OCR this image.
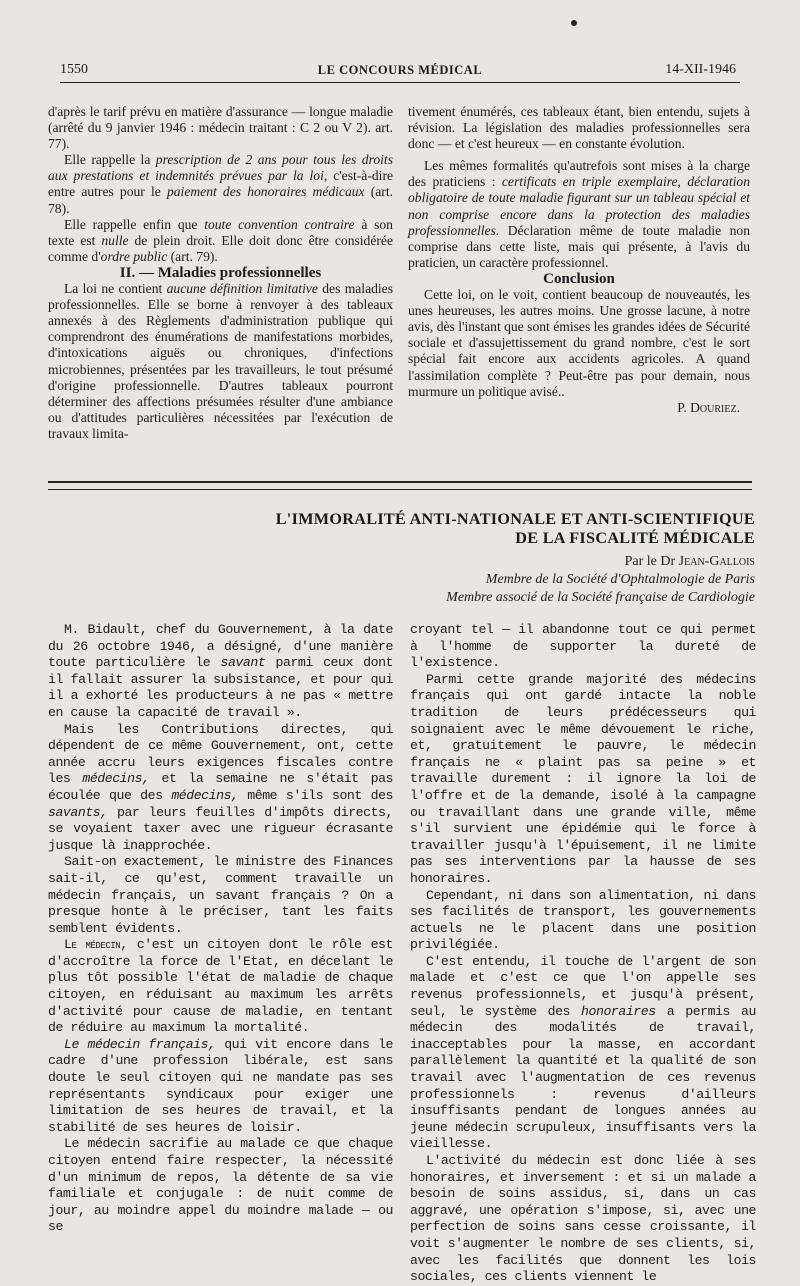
1550	LE CONCOURS MÉDICAL	14-XII-1946

d'après le tarif prévu en matière d'assurance — longue maladie (arrêté du 9 janvier 1946 : médecin traitant : C 2 ou V 2). art. 77).

Elle rappelle la prescription de 2 ans pour tous les droits aux prestations et indemnités prévues par la loi, c'est-à-dire entre autres pour le paiement des honoraires médicaux (art. 78).

Elle rappelle enfin que toute convention contraire à son texte est nulle de plein droit. Elle doit donc être considérée comme d'ordre public (art. 79).

II. — Maladies professionnelles

La loi ne contient aucune définition limitative des maladies professionnelles. Elle se borne à renvoyer à des tableaux annexés à des Règlements d'administration publique qui comprendront des énumérations de manifestations morbides, d'intoxications aiguës ou chroniques, d'infections microbiennes, présentées par les travailleurs, le tout présumé d'origine professionnelle. D'autres tableaux pourront déterminer des affections présumées résulter d'une ambiance ou d'attitudes particulières nécessitées par l'exécution de travaux limita-

tivement énumérés, ces tableaux étant, bien entendu, sujets à révision. La législation des maladies professionnelles sera donc — et c'est heureux — en constante évolution.

Les mêmes formalités qu'autrefois sont mises à la charge des praticiens : certificats en triple exemplaire, déclaration obligatoire de toute maladie figurant sur un tableau spécial et non comprise encore dans la protection des maladies professionnelles. Déclaration même de toute maladie non comprise dans cette liste, mais qui présente, à l'avis du praticien, un caractère professionnel.

Conclusion

Cette loi, on le voit, contient beaucoup de nouveautés, les unes heureuses, les autres moins. Une grosse lacune, à notre avis, dès l'instant que sont émises les grandes idées de Sécurité sociale et d'assujettissement du grand nombre, c'est le sort spécial fait encore aux accidents agricoles. A quand l'assimilation complète ? Peut-être pas pour demain, nous murmure un politique avisé..

P. Douriez.

L'IMMORALITÉ ANTI-NATIONALE ET ANTI-SCIENTIFIQUE
DE LA FISCALITÉ MÉDICALE
Par le Dr Jean-Gallois
Membre de la Société d'Ophtalmologie de Paris
Membre associé de la Société française de Cardiologie

M. Bidault, chef du Gouvernement, à la date du 26 octobre 1946, a désigné, d'une manière toute particulière le savant parmi ceux dont il fallait assurer la subsistance, et pour qui il a exhorté les producteurs à ne pas « mettre en cause la capacité de travail ».

Mais les Contributions directes, qui dépendent de ce même Gouvernement, ont, cette année accru leurs exigences fiscales contre les médecins, et la semaine ne s'était pas écoulée que des médecins, même s'ils sont des savants, par leurs feuilles d'impôts directs, se voyaient taxer avec une rigueur écrasante jusque là inapprochée.

Sait-on exactement, le ministre des Finances sait-il, ce qu'est, comment travaille un médecin français, un savant français ? On a presque honte à le préciser, tant les faits semblent évidents.

Le médecin, c'est un citoyen dont le rôle est d'accroître la force de l'Etat, en décelant le plus tôt possible l'état de maladie de chaque citoyen, en réduisant au maximum les arrêts d'activité pour cause de maladie, en tentant de réduire au maximum la mortalité.

Le médecin français, qui vit encore dans le cadre d'une profession libérale, est sans doute le seul citoyen qui ne mandate pas ses représentants syndicaux pour exiger une limitation de ses heures de travail, et la stabilité de ses heures de loisir.

Le médecin sacrifie au malade ce que chaque citoyen entend faire respecter, la nécessité d'un minimum de repos, la détente de sa vie familiale et conjugale : de nuit comme de jour, au moindre appel du moindre malade — ou se

croyant tel — il abandonne tout ce qui permet à l'homme de supporter la dureté de l'existence.

Parmi cette grande majorité des médecins français qui ont gardé intacte la noble tradition de leurs prédécesseurs qui soignaient avec le même dévouement le riche, et, gratuitement le pauvre, le médecin français ne « plaint pas sa peine » et travaille durement : il ignore la loi de l'offre et de la demande, isolé à la campagne ou travaillant dans une grande ville, même s'il survient une épidémie qui le force à travailler jusqu'à l'épuisement, il ne limite pas ses interventions par la hausse de ses honoraires.

Cependant, ni dans son alimentation, ni dans ses facilités de transport, les gouvernements actuels ne le placent dans une position privilégiée.

C'est entendu, il touche de l'argent de son malade et c'est ce que l'on appelle ses revenus professionnels, et jusqu'à présent, seul, le système des honoraires a permis au médecin des modalités de travail, inacceptables pour la masse, en accordant parallèlement la quantité et la qualité de son travail avec l'augmentation de ces revenus professionnels : revenus d'ailleurs insuffisants pendant de longues années au jeune médecin scrupuleux, insuffisants vers la vieillesse.

L'activité du médecin est donc liée à ses honoraires, et inversement : et si un malade a besoin de soins assidus, si, dans un cas aggravé, une opération s'impose, si, avec une perfection de soins sans cesse croissante, il voit s'augmenter le nombre de ses clients, si, avec les facilités que donnent les lois sociales, ces clients viennent le
